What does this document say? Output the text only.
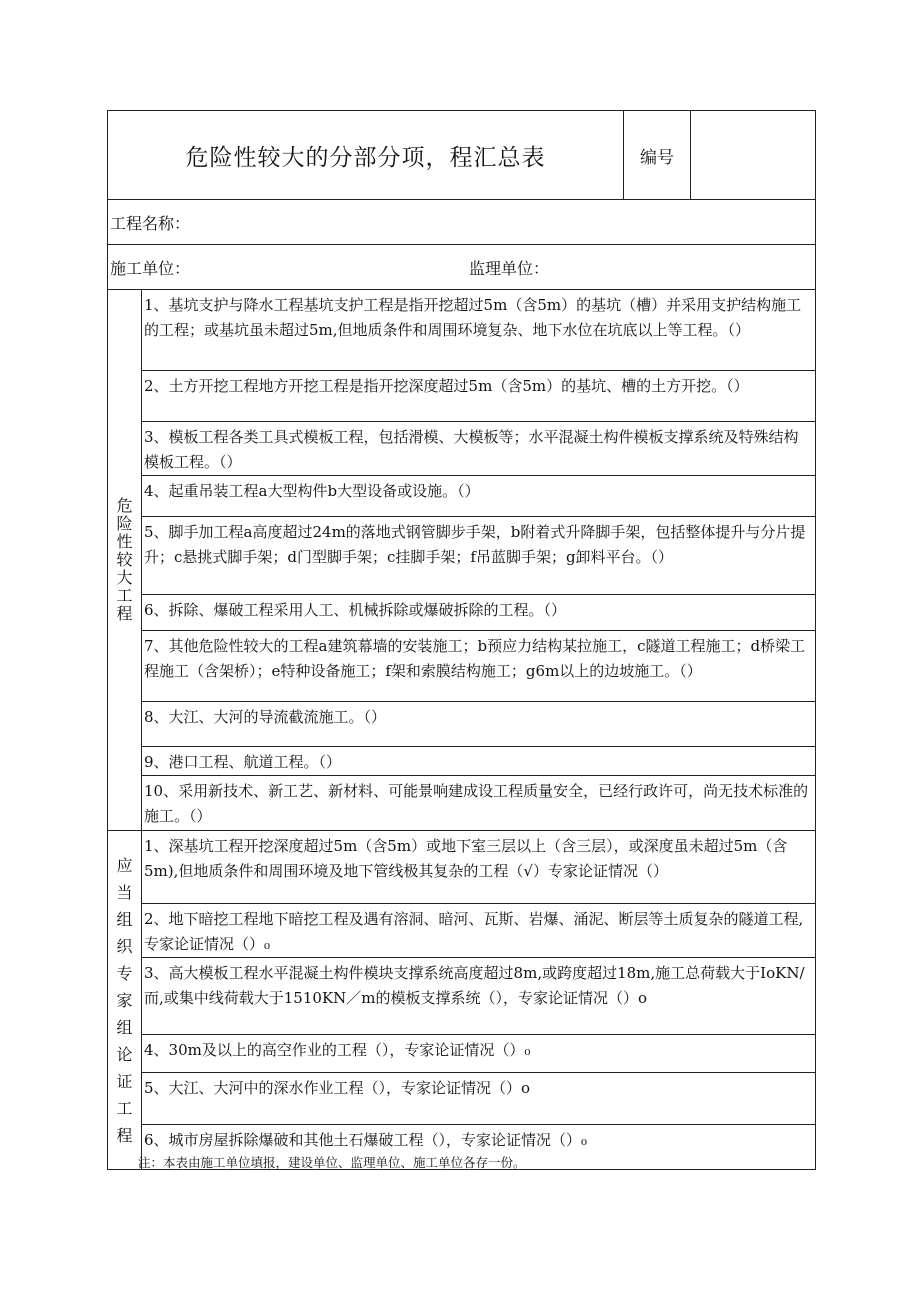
危险性较大的分部分项，程汇总表		编号	
工程名称：			
施工单位： 监理单位：			

危险性较大工程	1、基坑支护与降水工程基坑支护工程是指开挖超过5m（含5m）的基坑（槽）并采用支护结构施工的工程；或基坑虽未超过5m,但地质条件和周围环境复杂、地下水位在坑底以上等工程。（）		
	2、土方开挖工程地方开挖工程是指开挖深度超过5m（含5m）的基坑、槽的土方开挖。（）		
	3、模板工程各类工具式模板工程，包括滑模、大模板等；水平混凝土构件模板支撑系统及特殊结构模板工程。（）		
	4、起重吊装工程a大型构件b大型设备或设施。（）		
	5、脚手加工程a高度超过24m的落地式钢管脚步手架，b附着式升降脚手架，包括整体提升与分片提升；c悬挑式脚手架；d门型脚手架；c挂脚手架；f吊蓝脚手架；g卸料平台。（）		
	6、拆除、爆破工程采用人工、机械拆除或爆破拆除的工程。（）		
	7、其他危险性较大的工程a建筑幕墙的安装施工；b预应力结构某拉施工，c隧道工程施工；d桥梁工程施工（含架桥）；e特种设备施工；f架和索膜结构施工；g6m以上的边坡施工。（）		
	8、大江、大河的导流截流施工。（）		
	9、港口工程、航道工程。（）		
	10、采用新技术、新工艺、新材料、可能景响建成设工程质量安全，已经行政许可，尚无技术标准的施工。（）		
应当组织专家组论证工程	1、深基坑工程开挖深度超过5m（含5m）或地下室三层以上（含三层），或深度虽未超过5m（含5m),但地质条件和周围环境及地下管线极其复杂的工程（√）专家论证情况（）		
	2、地下暗挖工程地下暗挖工程及遇有溶洞、暗河、瓦斯、岩爆、涌泥、断层等土质复杂的隧道工程,专家论证情况（）₀		
	3、高大模板工程水平混凝土构件模块支撑系统高度超过8m,或跨度超过18m,施工总荷载大于IoKN/而,或集中线荷载大于1510KN／m的模板支撑系统（），专家论证情况（）o		
	4、30m及以上的高空作业的工程（），专家论证情况（）₀		
	5、大江、大河中的深水作业工程（），专家论证情况（）o		
	6、城市房屋拆除爆破和其他土石爆破工程（），专家论证情况（）₀		
注：本表由施工单位填报，建设单位、监理单位、施工单位各存一份。
